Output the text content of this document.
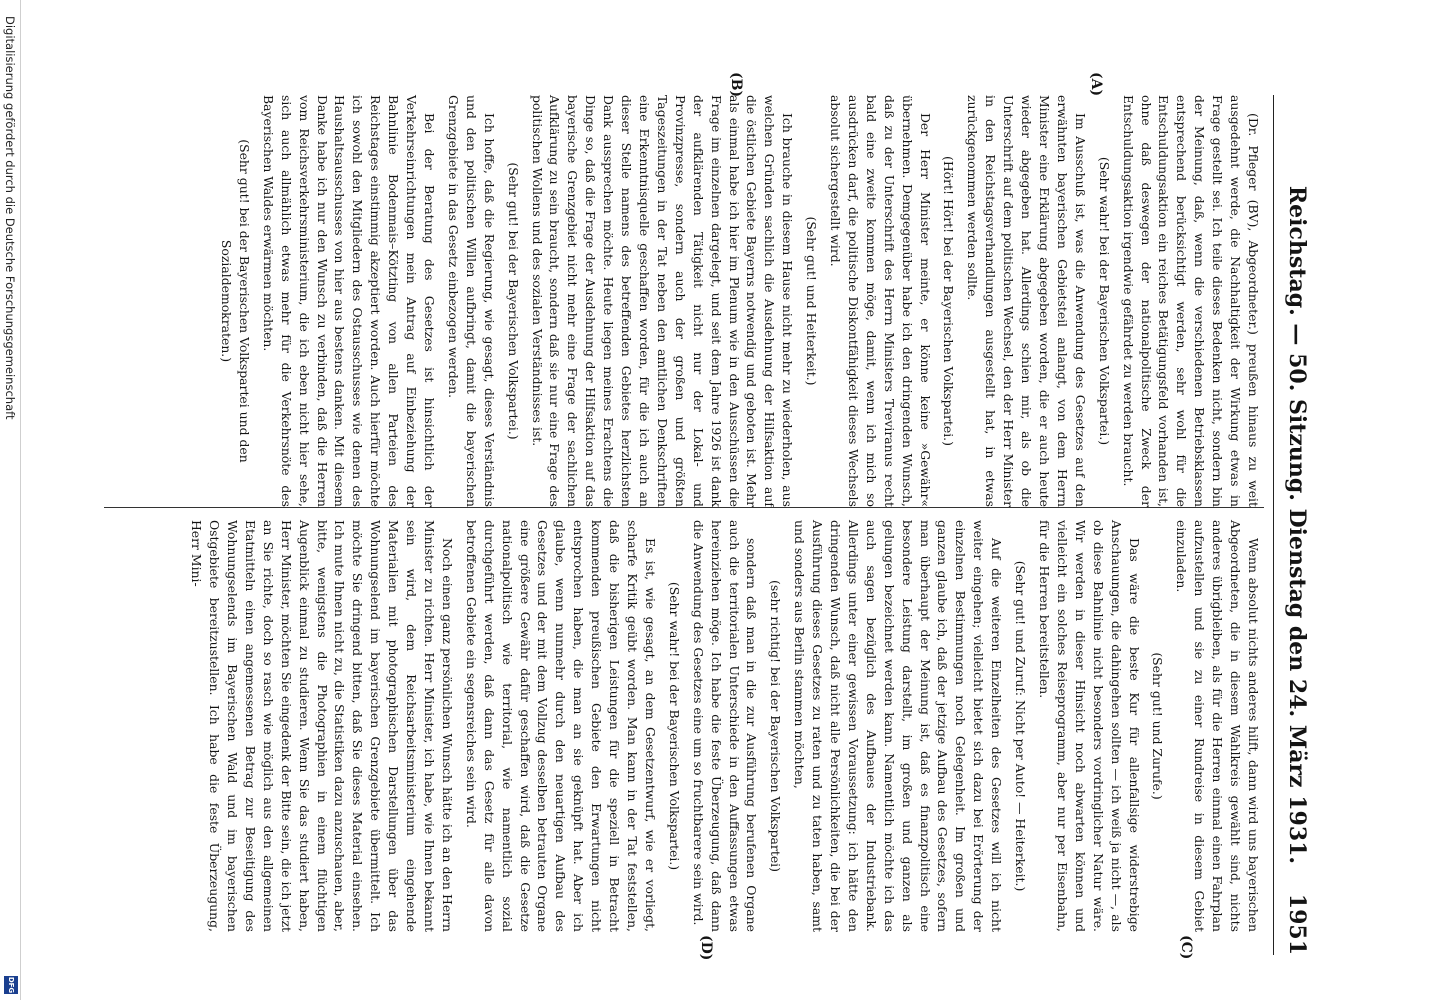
Reichstag. — 50. Sitzung. Dienstag den 24. März 1931.
1951
(A)
(B)
(C)
(D)

(Dr. Pfleger (BV), Abgeordneter.) preußen hinaus zu weit ausgedehnt werde, die Nachhaltigkeit der Wirkung etwas in Frage gestellt sei. Ich teile dieses Bedenken nicht, sondern bin der Meinung, daß, wenn die verschiedenen Betriebsklassen entsprechend berücksichtigt werden, sehr wohl für die Entschuldungsaktion ein reiches Betätigungsfeld vorhanden ist, ohne daß deswegen der nationalpolitische Zweck der Entschuldungsaktion irgendwie gefährdet zu werden braucht.

(Sehr wahr! bei der Bayerischen Volkspartei.)

Im Ausschuß ist, was die Anwendung des Gesetzes auf den erwähnten bayerischen Gebietsteil anlangt, von dem Herrn Minister eine Erklärung abgegeben worden, die er auch heute wieder abgegeben hat. Allerdings schien mir, als ob die Unterschrift auf dem politischen Wechsel, den der Herr Minister in den Reichstagsverhandlungen ausgestellt hat, in etwas zurückgenommen werden sollte.

(Hört! Hört! bei der Bayerischen Volkspartei.)

Der Herr Minister meinte, er könne keine »Gewähr« übernehmen. Demgegenüber habe ich den dringenden Wunsch, daß zu der Unterschrift des Herrn Ministers Treviranus recht bald eine zweite kommen möge, damit, wenn ich mich so ausdrücken darf, die politische Diskontfähigkeit dieses Wechsels absolut sichergestellt wird.

(Sehr gut! und Heiterkeit.)

Ich brauche in diesem Hause nicht mehr zu wiederholen, aus welchen Gründen sachlich die Ausdehnung der Hilfsaktion auf die östlichen Gebiete Bayerns notwendig und geboten ist. Mehr als einmal habe ich hier im Plenum wie in den Ausschüssen die Frage im einzelnen dargelegt, und seit dem Jahre 1926 ist dank der aufklärenden Tätigkeit nicht nur der Lokal- und Provinzpresse, sondern auch der großen und größten Tageszeitungen in der Tat neben den amtlichen Denkschriften eine Erkenntnisquelle geschaffen worden, für die ich auch an dieser Stelle namens des betreffenden Gebietes herzlichsten Dank aussprechen möchte. Heute liegen meines Erachtens die Dinge so, daß die Frage der Ausdehnung der Hilfsaktion auf das bayerische Grenzgebiet nicht mehr eine Frage der sachlichen Aufklärung zu sein braucht, sondern daß sie nur eine Frage des politischen Wollens und des sozialen Verständnisses ist.

(Sehr gut! bei der Bayerischen Volkspartei.)

Ich hoffe, daß die Regierung, wie gesagt, dieses Verständnis und den politischen Willen aufbringt, damit die bayerischen Grenzgebiete in das Gesetz einbezogen werden.

Bei der Beratung des Gesetzes ist hinsichtlich der Verkehrseinrichtungen mein Antrag auf Einbeziehung der Bahnlinie Bodenmais–Kötzting von allen Parteien des Reichstages einstimmig akzeptiert worden. Auch hierfür möchte ich sowohl den Mitgliedern des Ostausschusses wie denen des Haushaltsausschusses von hier aus bestens danken. Mit diesem Danke habe ich nur den Wunsch zu verbinden, daß die Herren vom Reichsverkehrsministerium, die ich eben nicht hier sehe, sich auch allmählich etwas mehr für die Verkehrsnöte des Bayerischen Waldes erwärmen möchten.

(Sehr gut! bei der Bayerischen Volkspartei und den Sozialdemokraten.)

Wenn absolut nichts anderes hilft, dann wird uns bayerischen Abgeordneten, die in diesem Wahlkreis gewählt sind, nichts anderes übrigbleiben, als für die Herren einmal einen Fahrplan aufzustellen und sie zu einer Rundreise in diesem Gebiet einzuladen.

(Sehr gut! und Zurufe.)

Das wäre die beste Kur für allenfallsige widerstrebige Anschauungen, die dahingehen sollten — ich weiß ja nicht —, als ob diese Bahnlinie nicht besonders vordringlicher Natur wäre. Wir werden in dieser Hinsicht noch abwarten können und vielleicht ein solches Reiseprogramm, aber nur per Eisenbahn, für die Herren bereitstellen.

(Sehr gut! und Zuruf: Nicht per Auto! — Heiterkeit.)

Auf die weiteren Einzelheiten des Gesetzes will ich nicht weiter eingehen; vielleicht bietet sich dazu bei Erörterung der einzelnen Bestimmungen noch Gelegenheit. Im großen und ganzen glaube ich, daß der jetzige Aufbau des Gesetzes, sofern man überhaupt der Meinung ist, daß es finanzpolitisch eine besondere Leistung darstellt, im großen und ganzen als gelungen bezeichnet werden kann. Namentlich möchte ich das auch sagen bezüglich des Aufbaues der Industriebank. Allerdings unter einer gewissen Voraussetzung: ich hätte den dringenden Wunsch, daß nicht alle Persönlichkeiten, die bei der Ausführung dieses Gesetzes zu raten und zu taten haben, samt und sonders aus Berlin stammen möchten,

(sehr richtig! bei der Bayerischen Volkspartei)

sondern daß man in die zur Ausführung berufenen Organe auch die territorialen Unterschiede in den Auffassungen etwas hereinziehen möge. Ich habe die feste Überzeugung, daß dann die Anwendung des Gesetzes eine um so fruchtbarere sein wird.

(Sehr wahr! bei der Bayerischen Volkspartei.)

Es ist, wie gesagt, an dem Gesetzentwurf, wie er vorliegt, scharfe Kritik geübt worden. Man kann in der Tat feststellen, daß die bisherigen Leistungen für die speziell in Betracht kommenden preußischen Gebiete den Erwartungen nicht entsprochen haben, die man an sie geknüpft hat. Aber ich glaube, wenn nunmehr durch den neuartigen Aufbau des Gesetzes und der mit dem Vollzug desselben betrauten Organe eine größere Gewähr dafür geschaffen wird, daß die Gesetze nationalpolitisch wie territorial, wie namentlich sozial durchgeführt werden, daß dann das Gesetz für alle davon betroffenen Gebiete ein segensreiches sein wird.

Noch einen ganz persönlichen Wunsch hätte ich an den Herrn Minister zu richten. Herr Minister, ich habe, wie Ihnen bekannt sein wird, dem Reichsarbeitsministerium eingehende Materialien mit photographischen Darstellungen über das Wohnungselend im bayerischen Grenzgebiete übermittelt. Ich möchte Sie dringend bitten, daß Sie dieses Material einsehen. Ich mute Ihnen nicht zu, die Statistiken dazu anzuschauen, aber, bitte, wenigstens die Photographien in einem flüchtigen Augenblick einmal zu studieren. Wenn Sie das studiert haben, Herr Minister, möchten Sie eingedenk der Bitte sein, die ich jetzt an Sie richte, doch so rasch wie möglich aus den allgemeinen Etatmitteln einen angemessenen Betrag zur Beseitigung des Wohnungselends im Bayerischen Wald und im bayerischen Ostgebiete bereitzustellen. Ich habe die feste Überzeugung, Herr Mini-

Digitalisierung gefördert durch die Deutsche Forschungsgemeinschaft
DFG
